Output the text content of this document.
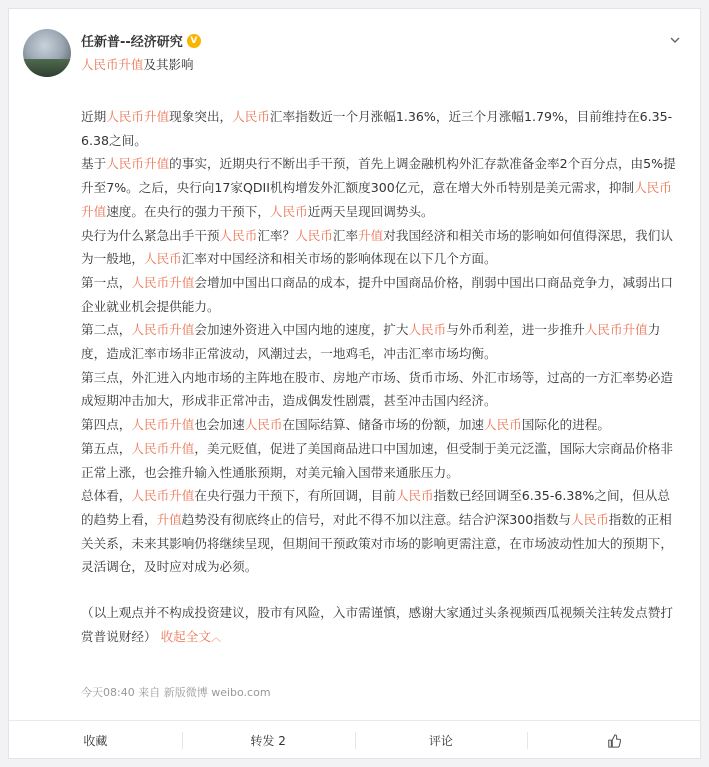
任新普--经济研究 V
人民币升值及其影响

近期人民币升值现象突出，人民币汇率指数近一个月涨幅1.36%，近三个月涨幅1.79%，目前维持在6.35-6.38之间。

基于人民币升值的事实，近期央行不断出手干预，首先上调金融机构外汇存款准备金率2个百分点，由5%提升至7%。之后，央行向17家QDII机构增发外汇额度300亿元，意在增大外币特别是美元需求，抑制人民币升值速度。在央行的强力干预下，人民币近两天呈现回调势头。

央行为什么紧急出手干预人民币汇率？人民币汇率升值对我国经济和相关市场的影响如何值得深思，我们认为一般地，人民币汇率对中国经济和相关市场的影响体现在以下几个方面。

第一点，人民币升值会增加中国出口商品的成本，提升中国商品价格，削弱中国出口商品竞争力，减弱出口企业就业机会提供能力。

第二点，人民币升值会加速外资进入中国内地的速度，扩大人民币与外币利差，进一步推升人民币升值力度，造成汇率市场非正常波动，风潮过去，一地鸡毛，冲击汇率市场均衡。

第三点，外汇进入内地市场的主阵地在股市、房地产市场、货币市场、外汇市场等，过高的一方汇率势必造成短期冲击加大，形成非正常冲击，造成偶发性剧震，甚至冲击国内经济。

第四点，人民币升值也会加速人民币在国际结算、储备市场的份额，加速人民币国际化的进程。

第五点，人民币升值，美元贬值，促进了美国商品进口中国加速，但受制于美元泛滥，国际大宗商品价格非正常上涨，也会推升输入性通胀预期，对美元输入国带来通胀压力。

总体看，人民币升值在央行强力干预下，有所回调，目前人民币指数已经回调至6.35-6.38%之间，但从总的趋势上看，升值趋势没有彻底终止的信号，对此不得不加以注意。结合沪深300指数与人民币指数的正相关关系，未来其影响仍将继续呈现，但期间干预政策对市场的影响更需注意，在市场波动性加大的预期下，灵活调仓，及时应对成为必须。

（以上观点并不构成投资建议，股市有风险，入市需谨慎，感谢大家通过头条视频西瓜视频关注转发点赞打赏普说财经） 收起全文︿

今天08:40 来自 新版微博 weibo.com
收藏	转发 2	评论
